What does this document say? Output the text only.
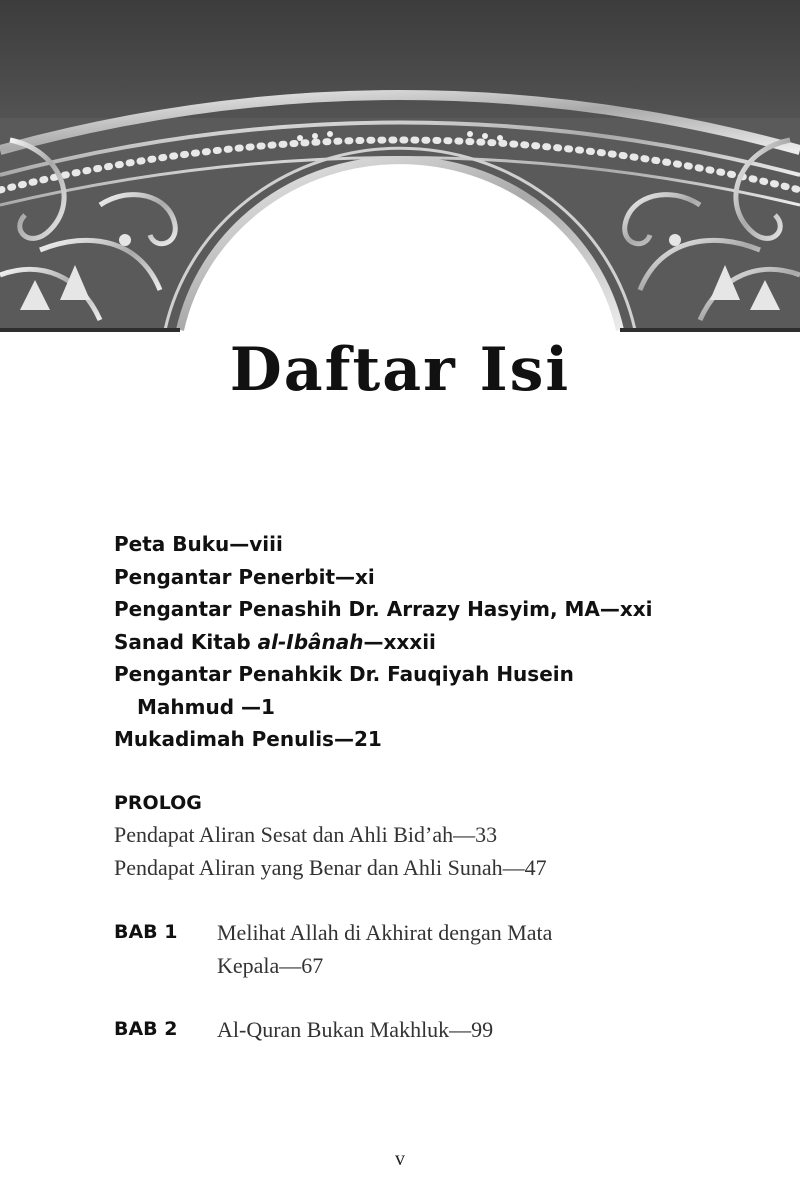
Daftar Isi
Peta Buku—viii
Pengantar Penerbit—xi
Pengantar Penashih Dr. Arrazy Hasyim, MA—xxi
Sanad Kitab al-Ibânah—xxxii
Pengantar Penahkik Dr. Fauqiyah Husein
Mahmud —1
Mukadimah Penulis—21
PROLOG
Pendapat Aliran Sesat dan Ahli Bid’ah—33
Pendapat Aliran yang Benar dan Ahli Sunah—47
BAB 1 Melihat Allah di Akhirat dengan Mata
Kepala—67
BAB 2 Al-Quran Bukan Makhluk—99
v
